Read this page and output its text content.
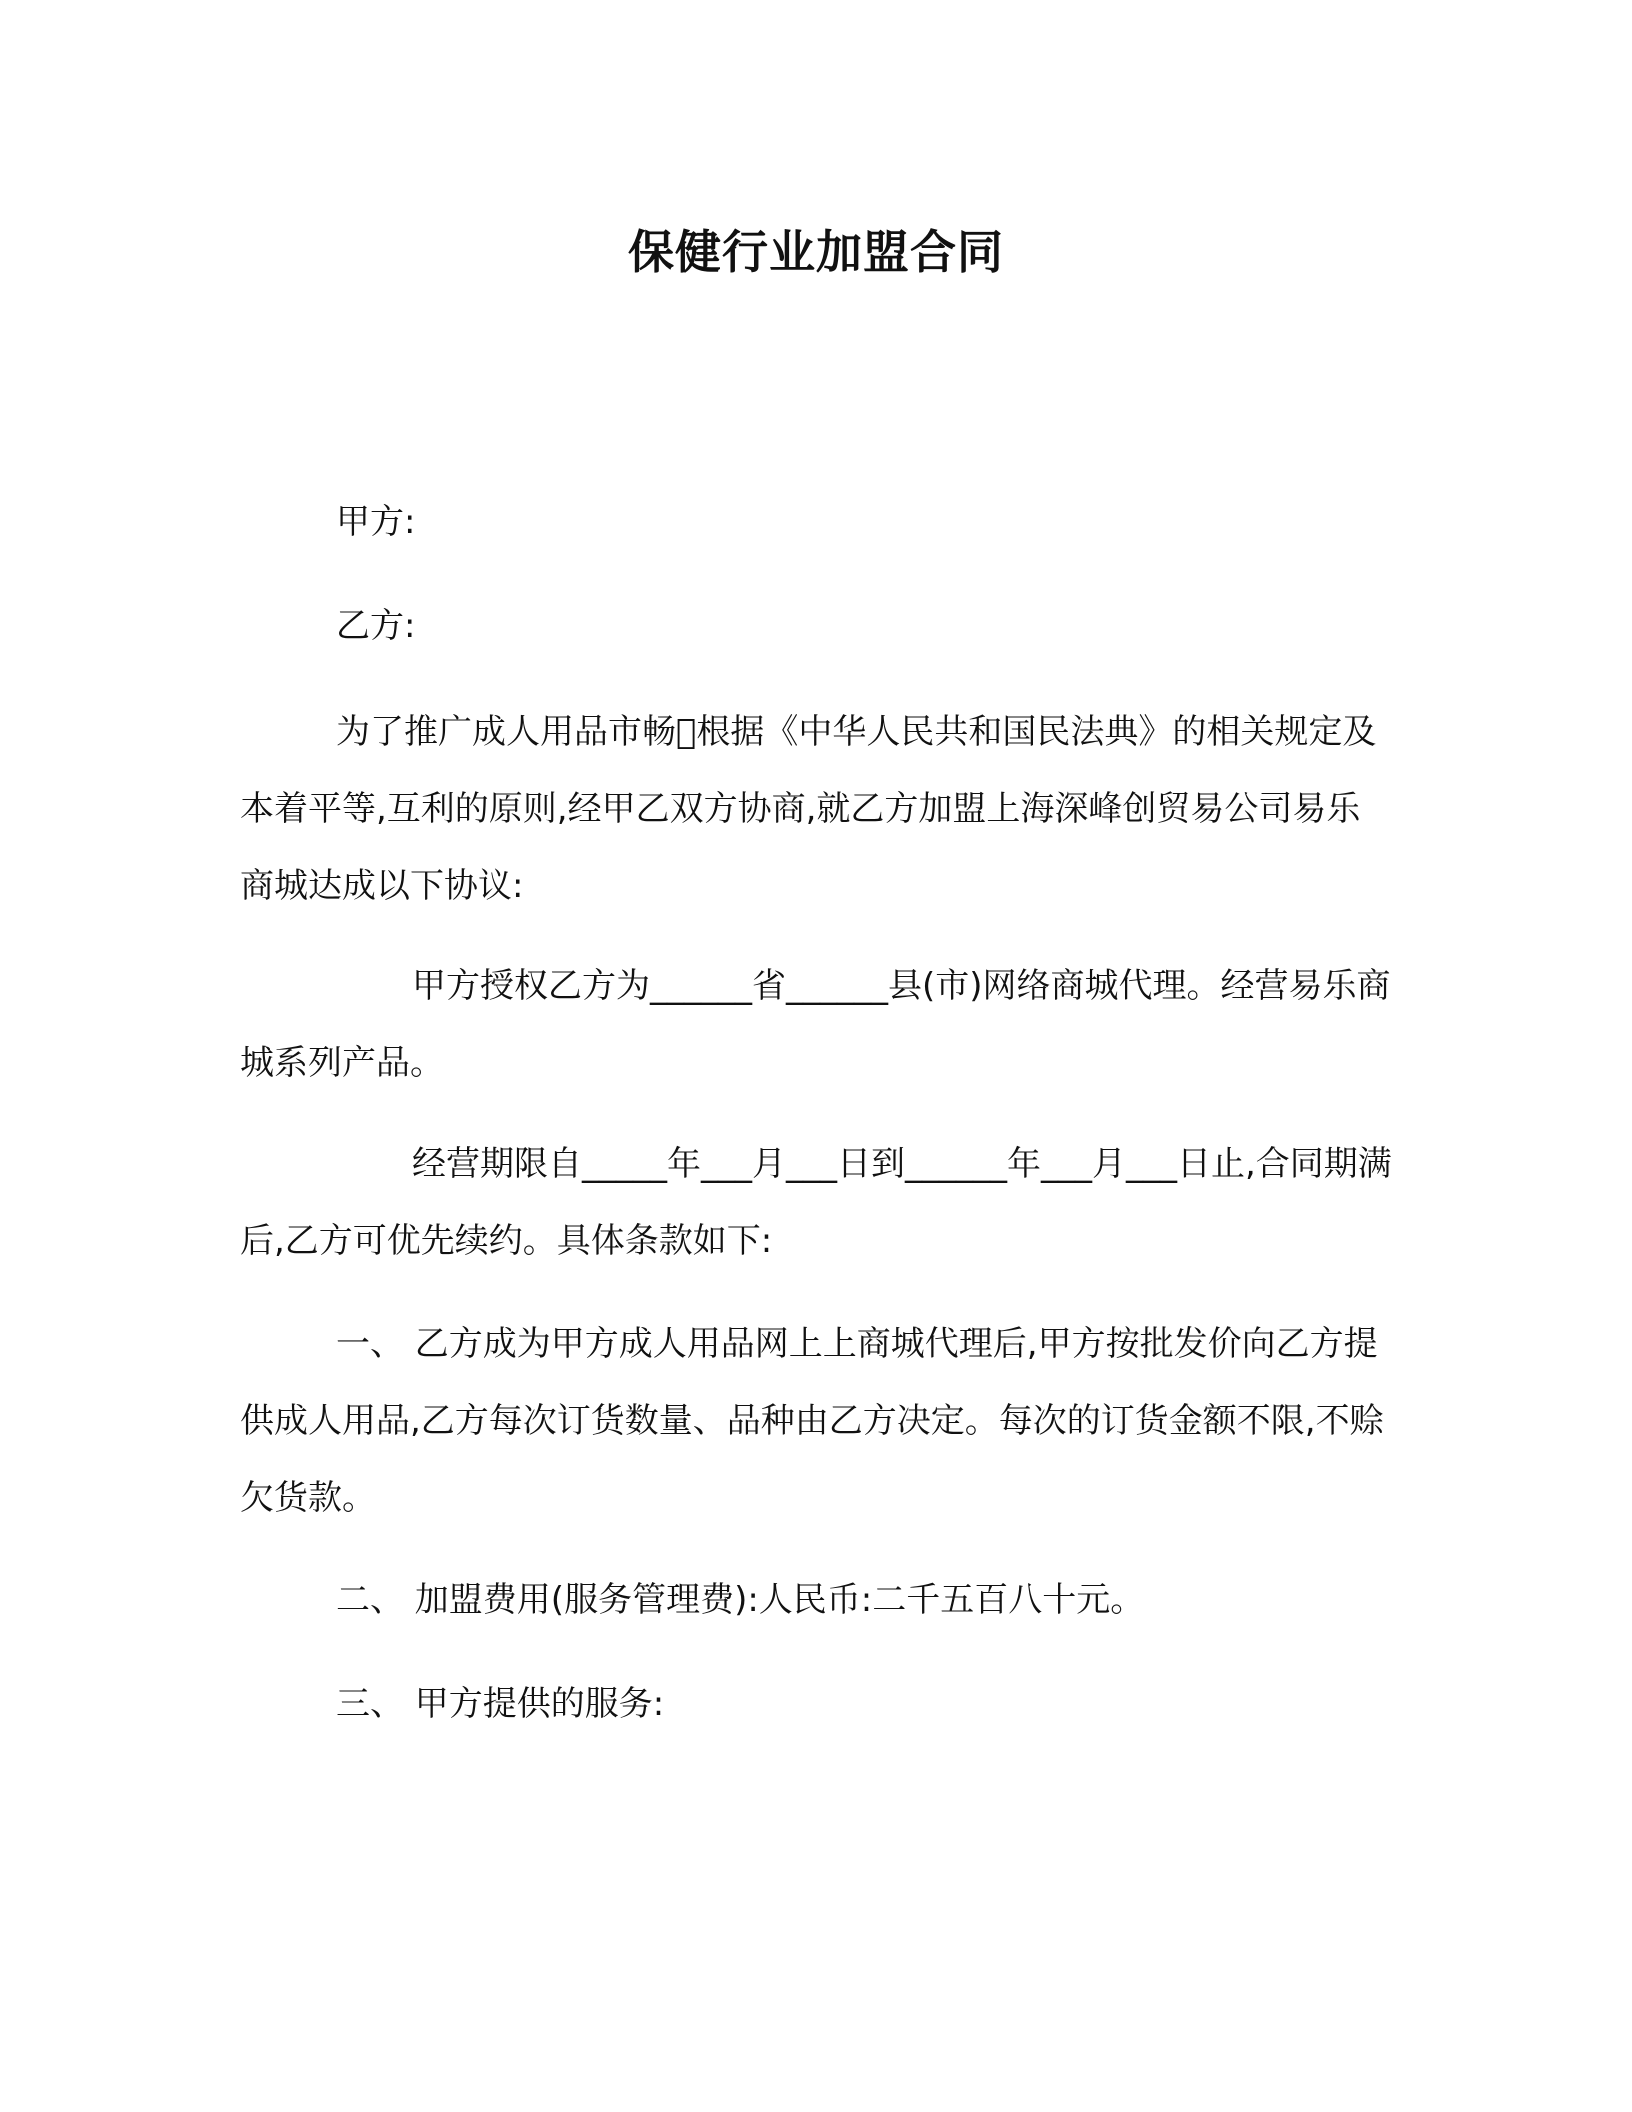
保健行业加盟合同

甲方:

乙方:

为了推广成人用品市畅 根据《中华人民共和国民法典》的相关规定及本着平等,互利的原则,经甲乙双方协商,就乙方加盟上海深峰创贸易公司易乐商城达成以下协议:

甲方授权乙方为______省______县(市)网络商城代理。经营易乐商城系列产品。

经营期限自_____年___月___日到______年___月___日止,合同期满后,乙方可优先续约。具体条款如下:

一、 乙方成为甲方成人用品网上上商城代理后,甲方按批发价向乙方提供成人用品,乙方每次订货数量、品种由乙方决定。每次的订货金额不限,不赊欠货款。

二、 加盟费用(服务管理费):人民币:二千五百八十元。

三、 甲方提供的服务:
